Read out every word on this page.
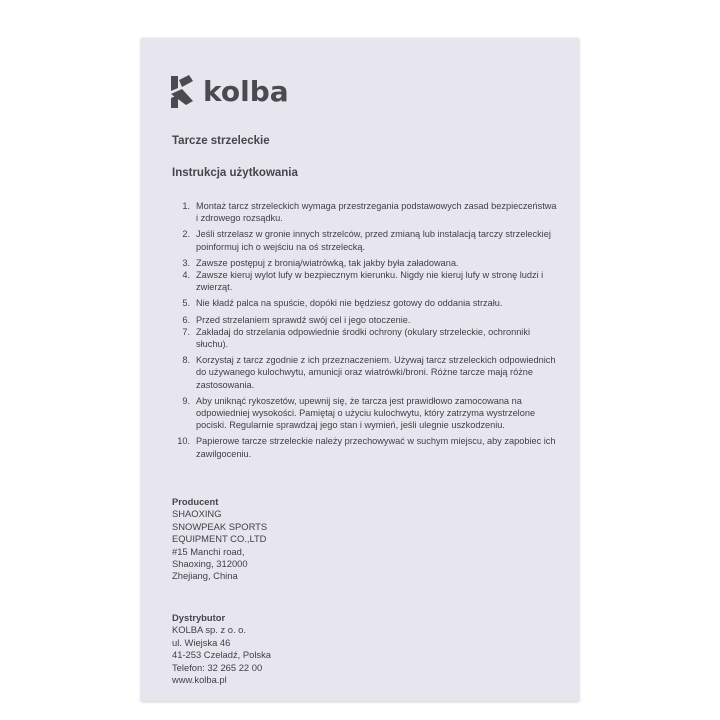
kolba
Tarcze strzeleckie
Instrukcja użytkowania
1. Montaż tarcz strzeleckich wymaga przestrzegania podstawowych zasad bezpieczeństwa i zdrowego rozsądku.
2. Jeśli strzelasz w gronie innych strzelców, przed zmianą lub instalacją tarczy strzeleckiej poinformuj ich o wejściu na oś strzelecką.
3. Zawsze postępuj z bronią/wiatrówką, tak jakby była załadowana.
4. Zawsze kieruj wylot lufy w bezpiecznym kierunku. Nigdy nie kieruj lufy w stronę ludzi i zwierząt.
5. Nie kładź palca na spuście, dopóki nie będziesz gotowy do oddania strzału.
6. Przed strzelaniem sprawdź swój cel i jego otoczenie.
7. Zakładaj do strzelania odpowiednie środki ochrony (okulary strzeleckie, ochronniki słuchu).
8. Korzystaj z tarcz zgodnie z ich przeznaczeniem. Używaj tarcz strzeleckich odpowiednich do używanego kulochwytu, amunicji oraz wiatrówki/broni. Różne tarcze mają różne zastosowania.
9. Aby uniknąć rykoszetów, upewnij się, że tarcza jest prawidłowo zamocowana na odpowiedniej wysokości. Pamiętaj o użyciu kulochwytu, który zatrzyma wystrzelone pociski. Regularnie sprawdzaj jego stan i wymień, jeśli ulegnie uszkodzeniu.
10. Papierowe tarcze strzeleckie należy przechowywać w suchym miejscu, aby zapobiec ich zawilgoceniu.
Producent
SHAOXING
SNOWPEAK SPORTS
EQUIPMENT CO.,LTD
#15 Manchi road,
Shaoxing, 312000
Zhejiang, China
Dystrybutor
KOLBA sp. z o. o.
ul. Wiejska 46
41-253 Czeladź, Polska
Telefon: 32 265 22 00
www.kolba.pl
